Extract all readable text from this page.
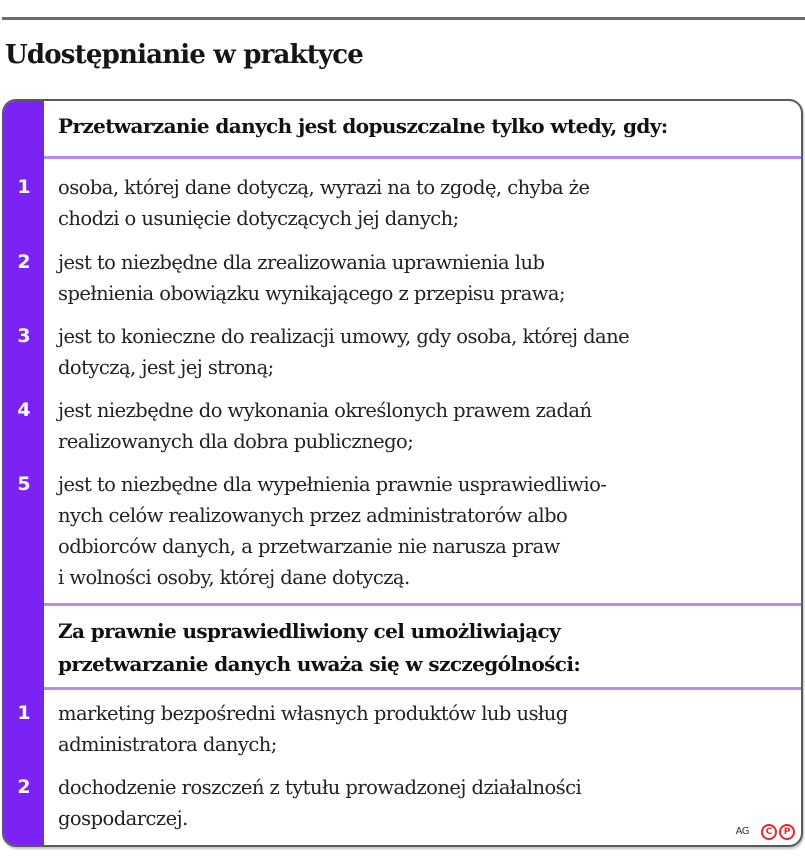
Udostępnianie w praktyce
Przetwarzanie danych jest dopuszczalne tylko wtedy, gdy:
1	osoba, której dane dotyczą, wyrazi na to zgodę, chyba że
chodzi o usunięcie dotyczących jej danych;
2	jest to niezbędne dla zrealizowania uprawnienia lub
spełnienia obowiązku wynikającego z przepisu prawa;
3	jest to konieczne do realizacji umowy, gdy osoba, której dane
dotyczą, jest jej stroną;
4	jest niezbędne do wykonania określonych prawem zadań
realizowanych dla dobra publicznego;
5	jest to niezbędne dla wypełnienia prawnie usprawiedliwio-
nych celów realizowanych przez administratorów albo
odbiorców danych, a przetwarzanie nie narusza praw
i wolności osoby, której dane dotyczą.
Za prawnie usprawiedliwiony cel umożliwiający
przetwarzanie danych uważa się w szczególności:
1	marketing bezpośredni własnych produktów lub usług
administratora danych;
2	dochodzenie roszczeń z tytułu prowadzonej działalności
gospodarczej.
AG	C	P
